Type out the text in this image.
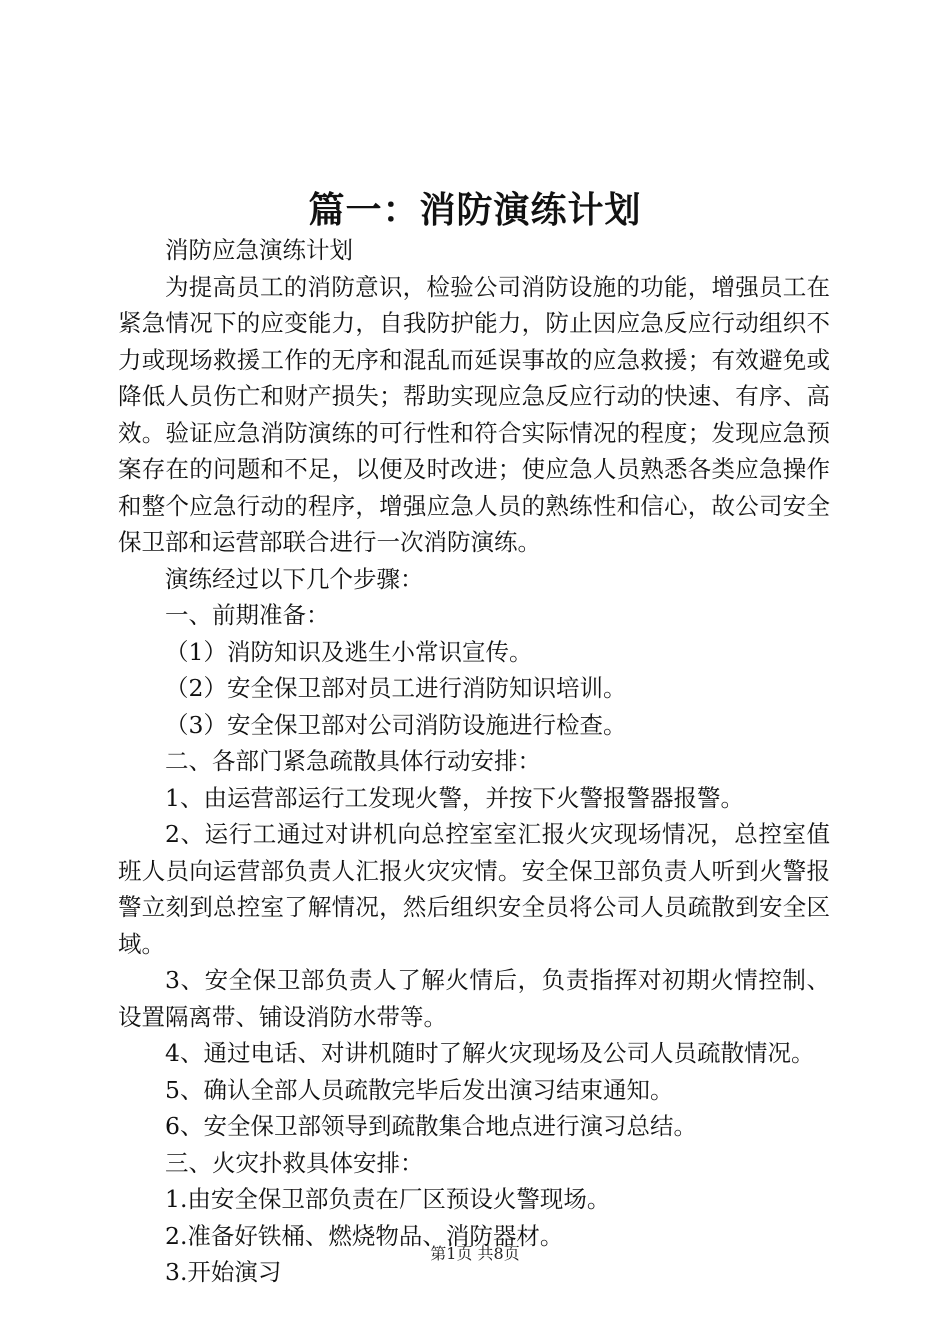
篇一：消防演练计划

消防应急演练计划

为提高员工的消防意识，检验公司消防设施的功能，增强员工在紧急情况下的应变能力，自我防护能力，防止因应急反应行动组织不力或现场救援工作的无序和混乱而延误事故的应急救援；有效避免或降低人员伤亡和财产损失；帮助实现应急反应行动的快速、有序、高效。验证应急消防演练的可行性和符合实际情况的程度；发现应急预案存在的问题和不足，以便及时改进；使应急人员熟悉各类应急操作和整个应急行动的程序，增强应急人员的熟练性和信心，故公司安全保卫部和运营部联合进行一次消防演练。

演练经过以下几个步骤：

一、前期准备：

（1）消防知识及逃生小常识宣传。

（2）安全保卫部对员工进行消防知识培训。

（3）安全保卫部对公司消防设施进行检查。

二、各部门紧急疏散具体行动安排：

1、由运营部运行工发现火警，并按下火警报警器报警。

2、运行工通过对讲机向总控室室汇报火灾现场情况，总控室值班人员向运营部负责人汇报火灾灾情。安全保卫部负责人听到火警报警立刻到总控室了解情况，然后组织安全员将公司人员疏散到安全区域。

3、安全保卫部负责人了解火情后，负责指挥对初期火情控制、设置隔离带、铺设消防水带等。

4、通过电话、对讲机随时了解火灾现场及公司人员疏散情况。

5、确认全部人员疏散完毕后发出演习结束通知。

6、安全保卫部领导到疏散集合地点进行演习总结。

三、火灾扑救具体安排：

1.由安全保卫部负责在厂区预设火警现场。

2.准备好铁桶、燃烧物品、消防器材。

3.开始演习

第1页 共8页
